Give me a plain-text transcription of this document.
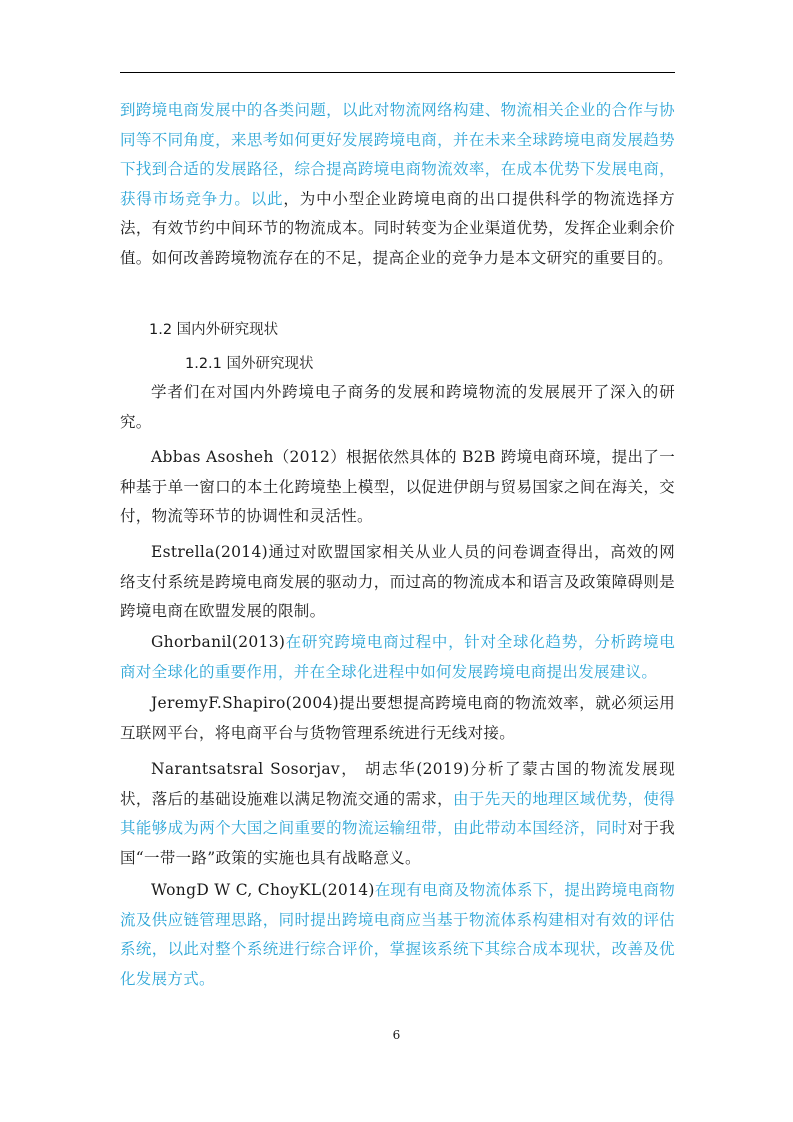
到跨境电商发展中的各类问题，以此对物流网络构建、物流相关企业的合作与协同等不同角度，来思考如何更好发展跨境电商，并在未来全球跨境电商发展趋势下找到合适的发展路径，综合提高跨境电商物流效率，在成本优势下发展电商，获得市场竞争力。以此，为中小型企业跨境电商的出口提供科学的物流选择方法，有效节约中间环节的物流成本。同时转变为企业渠道优势，发挥企业剩余价值。如何改善跨境物流存在的不足，提高企业的竞争力是本文研究的重要目的。

1.2 国内外研究现状

1.2.1 国外研究现状

学者们在对国内外跨境电子商务的发展和跨境物流的发展展开了深入的研究。

Abbas Asosheh（2012）根据依然具体的 B2B 跨境电商环境，提出了一种基于单一窗口的本土化跨境垫上模型，以促进伊朗与贸易国家之间在海关，交付，物流等环节的协调性和灵活性。

Estrella(2014)通过对欧盟国家相关从业人员的问卷调查得出，高效的网络支付系统是跨境电商发展的驱动力，而过高的物流成本和语言及政策障碍则是跨境电商在欧盟发展的限制。

Ghorbanil(2013)在研究跨境电商过程中，针对全球化趋势，分析跨境电商对全球化的重要作用，并在全球化进程中如何发展跨境电商提出发展建议。

JeremyF.Shapiro(2004)提出要想提高跨境电商的物流效率，就必须运用互联网平台，将电商平台与货物管理系统进行无线对接。

Narantsatsral Sosorjav， 胡志华(2019)分析了蒙古国的物流发展现状，落后的基础设施难以满足物流交通的需求，由于先天的地理区域优势，使得其能够成为两个大国之间重要的物流运输纽带，由此带动本国经济，同时对于我国“一带一路”政策的实施也具有战略意义。

WongD W C, ChoyKL(2014)在现有电商及物流体系下，提出跨境电商物流及供应链管理思路，同时提出跨境电商应当基于物流体系构建相对有效的评估系统，以此对整个系统进行综合评价，掌握该系统下其综合成本现状，改善及优化发展方式。

6
